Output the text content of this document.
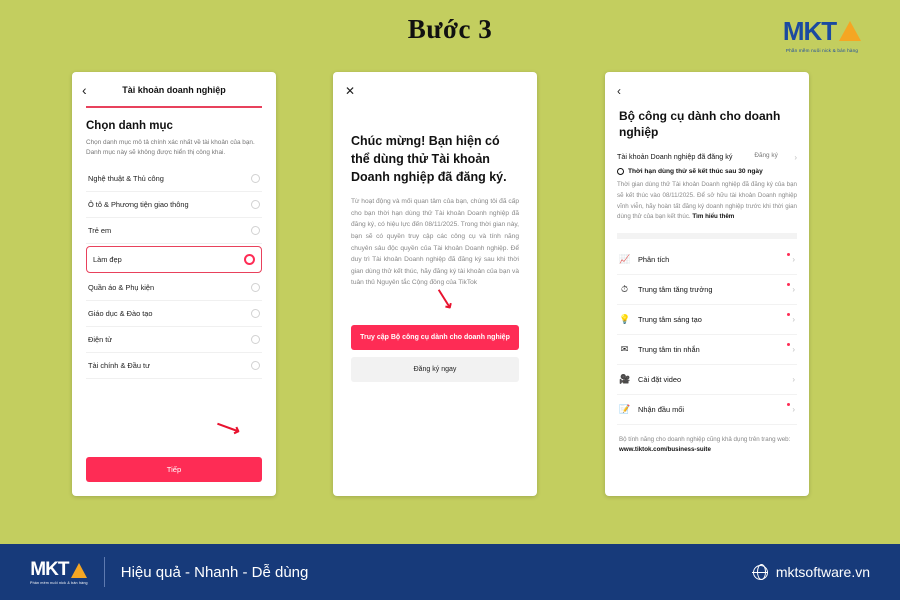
Bước 3	MKT
Phần mềm nuôi nick & bán hàng
‹	Tài khoản doanh nghiệp
Chọn danh mục
Chọn danh mục mô tả chính xác nhất về tài khoản của bạn. Danh mục này sẽ không được hiển thị công khai.
Nghệ thuật & Thủ công
Ô tô & Phương tiện giao thông
Trẻ em
Làm đẹp
Quần áo & Phụ kiện
Giáo dục & Đào tạo
Điện tử
Tài chính & Đầu tư
⟶
Tiếp
✕
Chúc mừng! Bạn hiện có thể dùng thử Tài khoản Doanh nghiệp đã đăng ký.
Từ hoạt động và mối quan tâm của bạn, chúng tôi đã cấp cho bạn thời hạn dùng thử Tài khoản Doanh nghiệp đã đăng ký, có hiệu lực đến 08/11/2025. Trong thời gian này, bạn sẽ có quyền truy cập các công cụ và tính năng chuyên sâu độc quyền của Tài khoản Doanh nghiệp. Để duy trì Tài khoản Doanh nghiệp đã đăng ký sau khi thời gian dùng thử kết thúc, hãy đăng ký tài khoản của bạn và tuân thủ Nguyên tắc Cộng đồng của TikTok
⟶
Truy cập Bộ công cụ dành cho doanh nghiệp
Đăng ký ngay
‹
Bộ công cụ dành cho doanh nghiệp
Tài khoản Doanh nghiệp đã đăng ký	Đăng ký	›
Thời hạn dùng thử sẽ kết thúc sau 30 ngày
Thời gian dùng thử Tài khoản Doanh nghiệp đã đăng ký của bạn sẽ kết thúc vào 08/11/2025. Để sở hữu tài khoản Doanh nghiệp vĩnh viễn, hãy hoàn tất đăng ký doanh nghiệp trước khi thời gian dùng thử của bạn kết thúc. Tìm hiểu thêm
📈 Phân tích	›
⏱ Trung tâm tăng trưởng	›
💡 Trung tâm sáng tạo	›
✉ Trung tâm tin nhắn	›
🎥 Cài đặt video	›
📝 Nhận đầu mối	›
Bộ tính năng cho doanh nghiệp cũng khả dụng trên trang web: www.tiktok.com/business-suite
MKT
Phần mềm nuôi nick & bán hàng
Hiệu quả - Nhanh - Dễ dùng	mktsoftware.vn
